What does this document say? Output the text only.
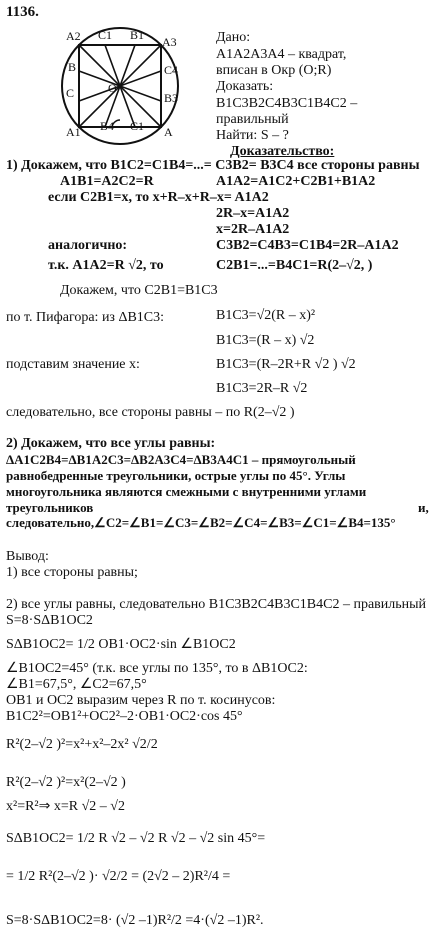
1136.
A2 C1 B1 A3
B	C4
C	O
B3
A1 B4 C1 A
Дано:
A1A2A3A4 – квадрат,
вписан в Окр (O;R)
Доказать:
B1C3B2C4B3C1B4C2 –
правильный
Найти: S – ?
Доказательство:
1) Докажем, что B1C2=C1B4=...= C3B2= B3C4 все стороны равны
A1B1=A2C2=R	A1A2=A1C2+C2B1+B1A2
если C2B1=x, то x+R–x+R–x= A1A2
2R–x=A1A2
x=2R–A1A2
аналогично:	C3B2=C4B3=C1B4=2R–A1A2
т.к. A1A2=R √2, то	C2B1=...=B4C1=R(2–√2, )
Докажем, что C2B1=B1C3
по т. Пифагора: из ΔB1C3:	B1C3=√2(R – x)²
B1C3=(R – x) √2
подставим значение x:	B1C3=(R–2R+R √2 ) √2
B1C3=2R–R √2
следовательно, все стороны равны – по R(2–√2 )
2) Докажем, что все углы равны:
ΔA1C2B4=ΔB1A2C3=ΔB2A3C4=ΔB3A4C1 – прямоугольный
равнобедренные треугольники, острые углы по 45°. Углы
многоугольника являются смежными с внутренними углами
треугольников	и,
следовательно,∠C2=∠B1=∠C3=∠B2=∠C4=∠B3=∠C1=∠B4=135°
Вывод:
1) все стороны равны;
2) все углы равны, следовательно B1C3B2C4B3C1B4C2 – правильный
S=8·SΔB1OC2
SΔB1OC2= 1/2 OB1·OC2·sin ∠B1OC2
∠B1OC2=45° (т.к. все углы по 135°, то в ΔB1OC2:
∠B1=67,5°, ∠C2=67,5°
OB1 и OC2 выразим через R по т. косинусов:
B1C2²=OB1²+OC2²–2·OB1·OC2·cos 45°
R²(2–√2 )²=x²+x²–2x² √2/2
R²(2–√2 )²=x²(2–√2 )
x²=R²⇒ x=R √2 – √2
SΔB1OC2= 1/2 R √2 – √2 R √2 – √2 sin 45°=
= 1/2 R²(2–√2 )· √2/2 = (2√2 – 2)R²/4 =
S=8·SΔB1OC2=8· (√2 –1)R²/2 =4·(√2 –1)R².
